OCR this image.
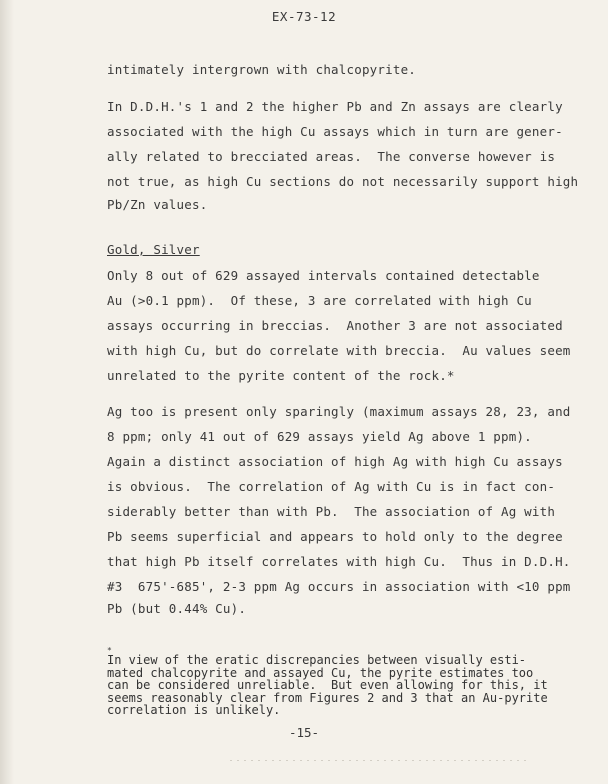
EX-73-12
intimately intergrown with chalcopyrite.
In D.D.H.'s 1 and 2 the higher Pb and Zn assays are clearly
associated with the high Cu assays which in turn are gener-
ally related to brecciated areas.  The converse however is
not true, as high Cu sections do not necessarily support high
Pb/Zn values.
Gold, Silver
Only 8 out of 629 assayed intervals contained detectable
Au (>0.1 ppm).  Of these, 3 are correlated with high Cu
assays occurring in breccias.  Another 3 are not associated
with high Cu, but do correlate with breccia.  Au values seem
unrelated to the pyrite content of the rock.*
Ag too is present only sparingly (maximum assays 28, 23, and
8 ppm; only 41 out of 629 assays yield Ag above 1 ppm).
Again a distinct association of high Ag with high Cu assays
is obvious.  The correlation of Ag with Cu is in fact con-
siderably better than with Pb.  The association of Ag with
Pb seems superficial and appears to hold only to the degree
that high Pb itself correlates with high Cu.  Thus in D.D.H.
#3  675'-685', 2-3 ppm Ag occurs in association with <10 ppm
Pb (but 0.44% Cu).
*
In view of the eratic discrepancies between visually esti-
mated chalcopyrite and assayed Cu, the pyrite estimates too
can be considered unreliable.  But even allowing for this, it
seems reasonably clear from Figures 2 and 3 that an Au-pyrite
correlation is unlikely.
-15-
